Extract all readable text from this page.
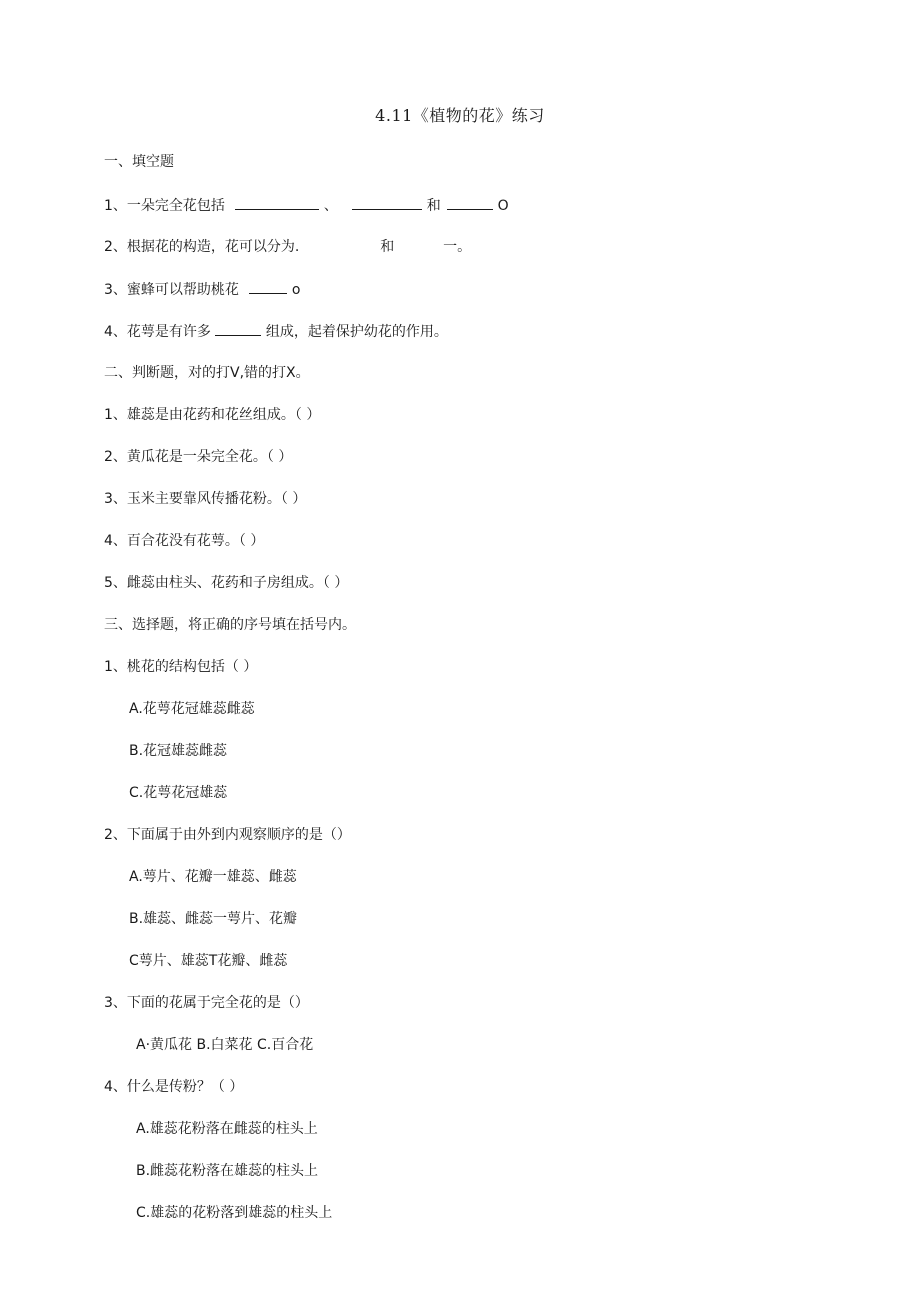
4.11《植物的花》练习
一、填空题
1、一朵完全花包括	、	和	O
2、根据花的构造，花可以分为.	和	一。
3、蜜蜂可以帮助桃花	o
4、花萼是有许多	组成，起着保护幼花的作用。
二、判断题，对的打V,错的打X。
1、雄蕊是由花药和花丝组成。（ ）
2、黄瓜花是一朵完全花。（ ）
3、玉米主要靠风传播花粉。（ ）
4、百合花没有花萼。（ ）
5、雌蕊由柱头、花药和子房组成。（ ）
三、选择题，将正确的序号填在括号内。
1、桃花的结构包括（ ）
A.花萼花冠雄蕊雌蕊
B.花冠雄蕊雌蕊
C.花萼花冠雄蕊
2、下面属于由外到内观察顺序的是（）
A.萼片、花瓣一雄蕊、雌蕊
B.雄蕊、雌蕊一萼片、花瓣
C萼片、雄蕊T花瓣、雌蕊
3、下面的花属于完全花的是（）
A·黄瓜花 B.白菜花 C.百合花
4、什么是传粉？（ ）
A.雄蕊花粉落在雌蕊的柱头上
B.雌蕊花粉落在雄蕊的柱头上
C.雄蕊的花粉落到雄蕊的柱头上
